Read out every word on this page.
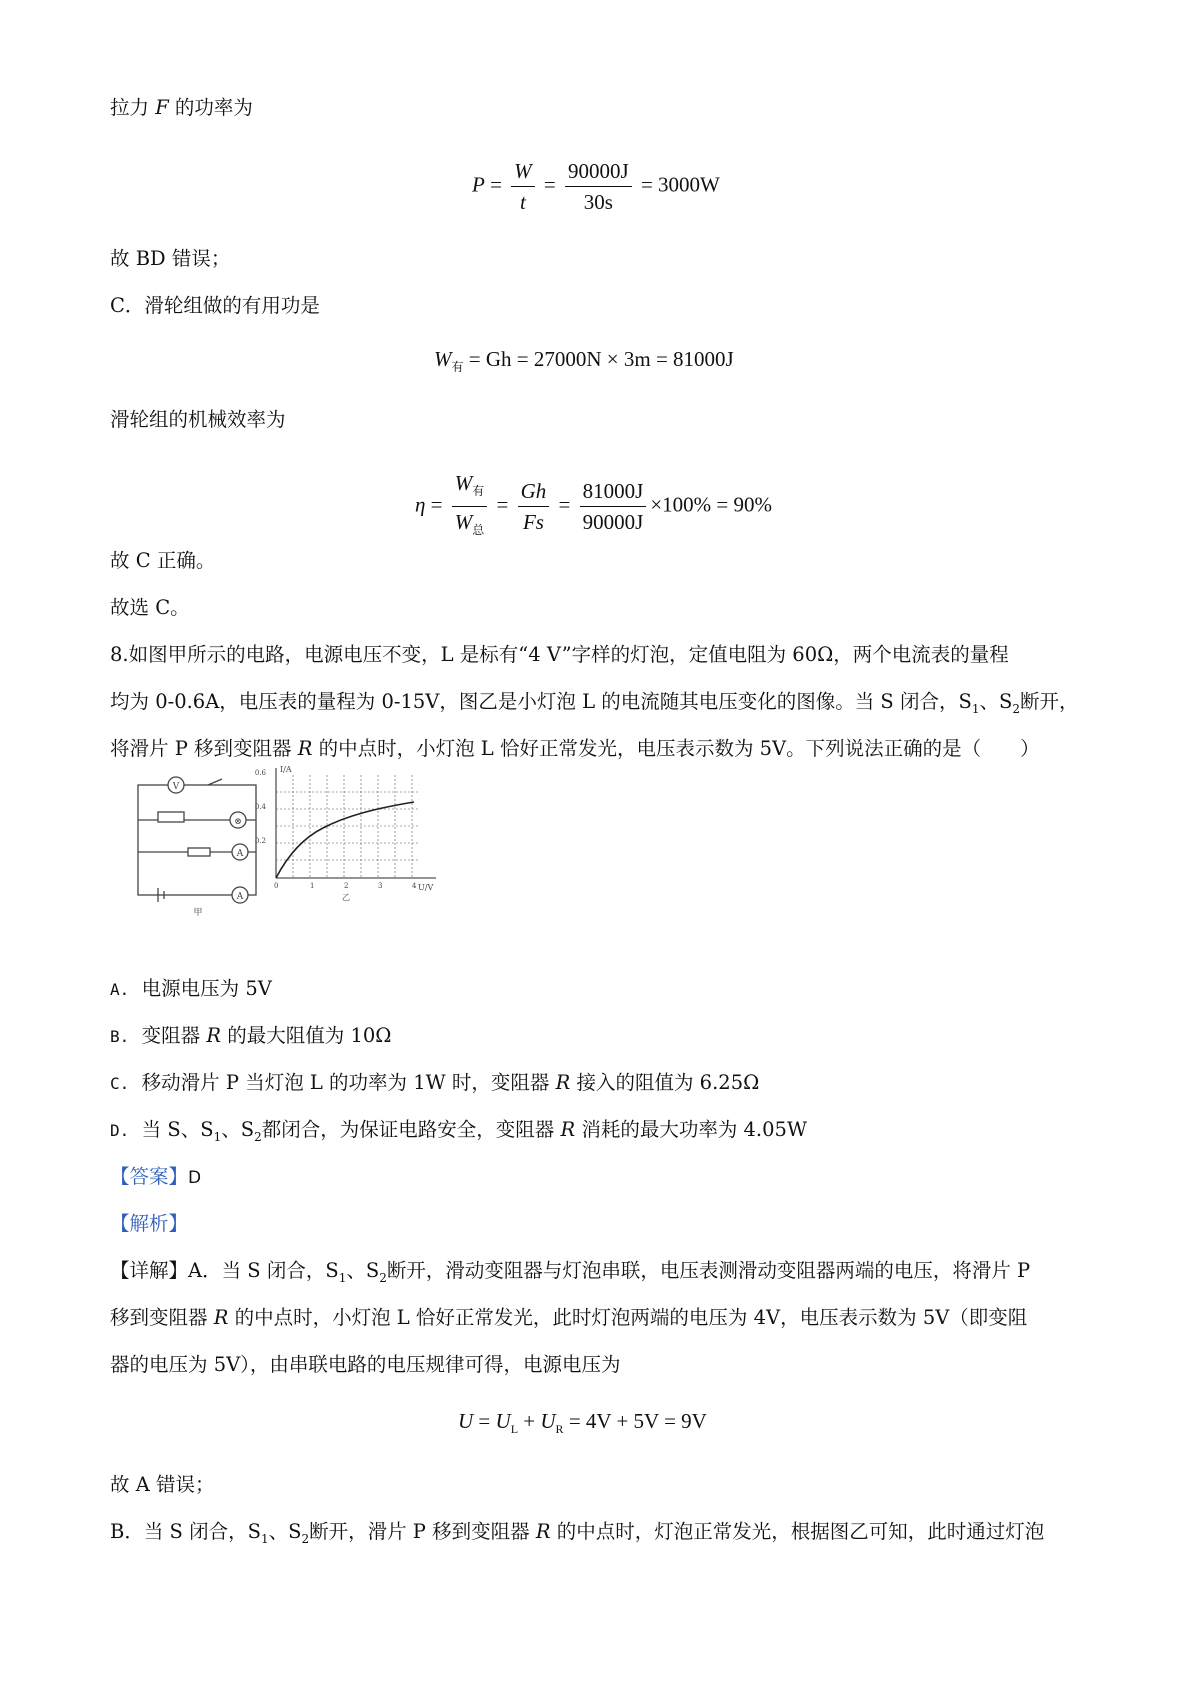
拉力 F 的功率为
$P = \frac{W}{t} = \frac{90000J}{30s} = 3000W$
故 BD 错误；
C．滑轮组做的有用功是
$W_有 = Gh = 27000N \times 3m = 81000J$
滑轮组的机械效率为
$\eta = \frac{W_有}{W_总} = \frac{Gh}{Fs} = \frac{81000J}{90000J} \times 100\% = 90\%$
故 C 正确。
故选 C。
8.如图甲所示的电路，电源电压不变，L 是标有“4 V”字样的灯泡，定值电阻为 60Ω，两个电流表的量程
均为 0-0.6A，电压表的量程为 0-15V，图乙是小灯泡 L 的电流随其电压变化的图像。当 S 闭合，$S_1$、$S_2$断开，
将滑片 P 移到变阻器 R 的中点时，小灯泡 L 恰好正常发光，电压表示数为 5V。下列说法正确的是（　　）
V
⊗
A
A
甲
I/A
U/V
0.6
0.4
0.2
0	1	2	3	4
乙
A. 电源电压为 5V
B. 变阻器 R 的最大阻值为 10Ω
C. 移动滑片 P 当灯泡 L 的功率为 1W 时，变阻器 R 接入的阻值为 6.25Ω
D. 当 S、$S_1$、$S_2$都闭合，为保证电路安全，变阻器 R 消耗的最大功率为 4.05W
【答案】D
【解析】
【详解】A．当 S 闭合，$S_1$、$S_2$断开，滑动变阻器与灯泡串联，电压表测滑动变阻器两端的电压，将滑片 P
移到变阻器 R 的中点时，小灯泡 L 恰好正常发光，此时灯泡两端的电压为 4V，电压表示数为 5V（即变阻
器的电压为 5V），由串联电路的电压规律可得，电源电压为
$U = U_L + U_R = 4V + 5V = 9V$
故 A 错误；
B．当 S 闭合，$S_1$、$S_2$断开，滑片 P 移到变阻器 R 的中点时，灯泡正常发光，根据图乙可知，此时通过灯泡
